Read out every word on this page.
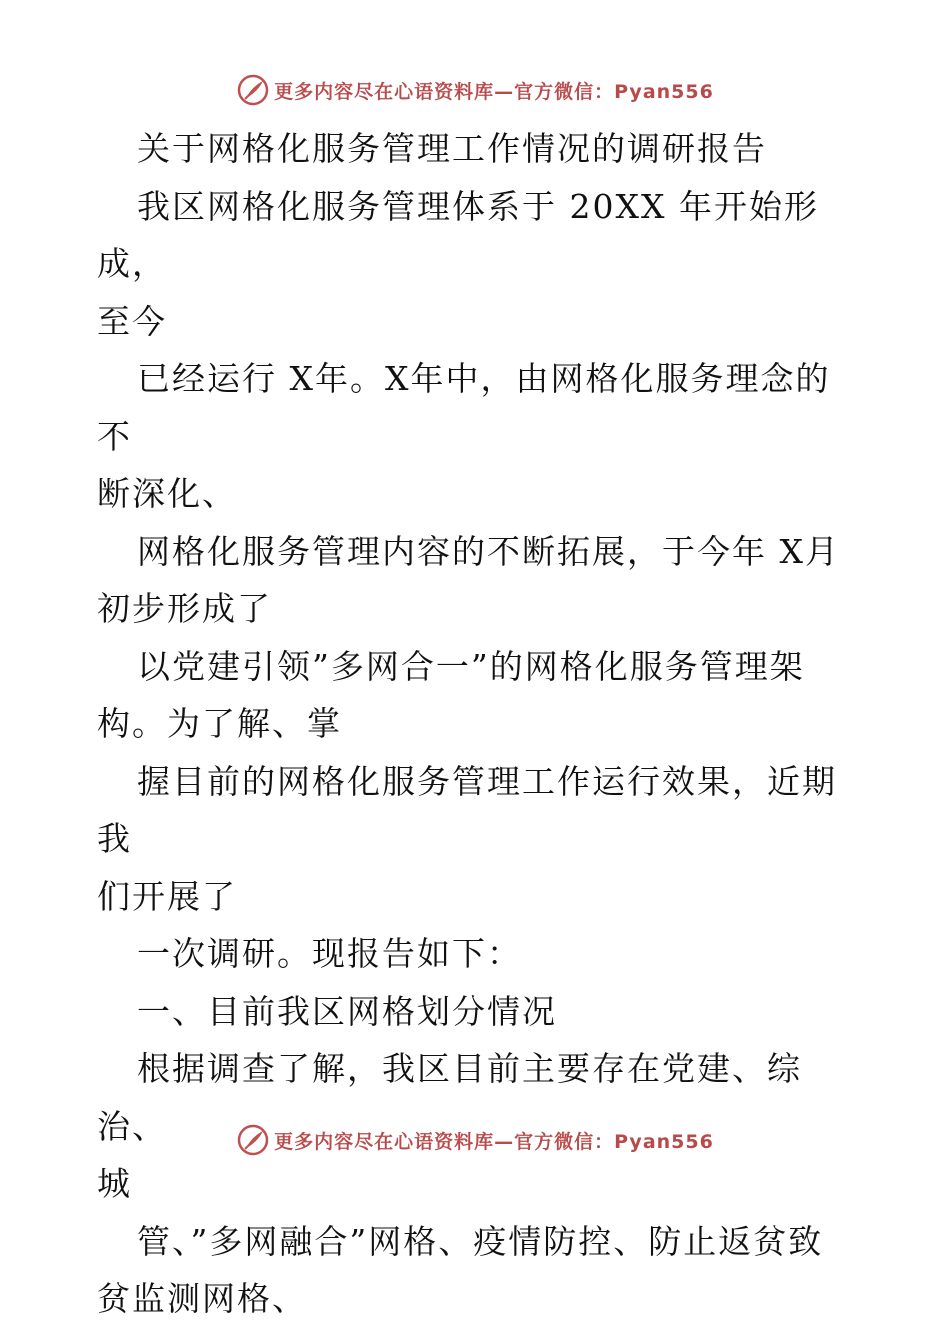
更多内容尽在心语资料库—官方微信：Pyan556

关于网格化服务管理工作情况的调研报告

我区网格化服务管理体系于 20XX 年开始形成，
至今

已经运行 X年。X年中，由网格化服务理念的不
断深化、

网格化服务管理内容的不断拓展，于今年 X月
初步形成了

以党建引领”多网合一”的网格化服务管理架
构。为了解、掌

握目前的网格化服务管理工作运行效果，近期我
们开展了

一次调研。现报告如下：

一、目前我区网格划分情况

根据调查了解，我区目前主要存在党建、综治、
城

管、”多网融合”网格、疫情防控、防止返贫致
贫监测网格、

更多内容尽在心语资料库—官方微信：Pyan556
